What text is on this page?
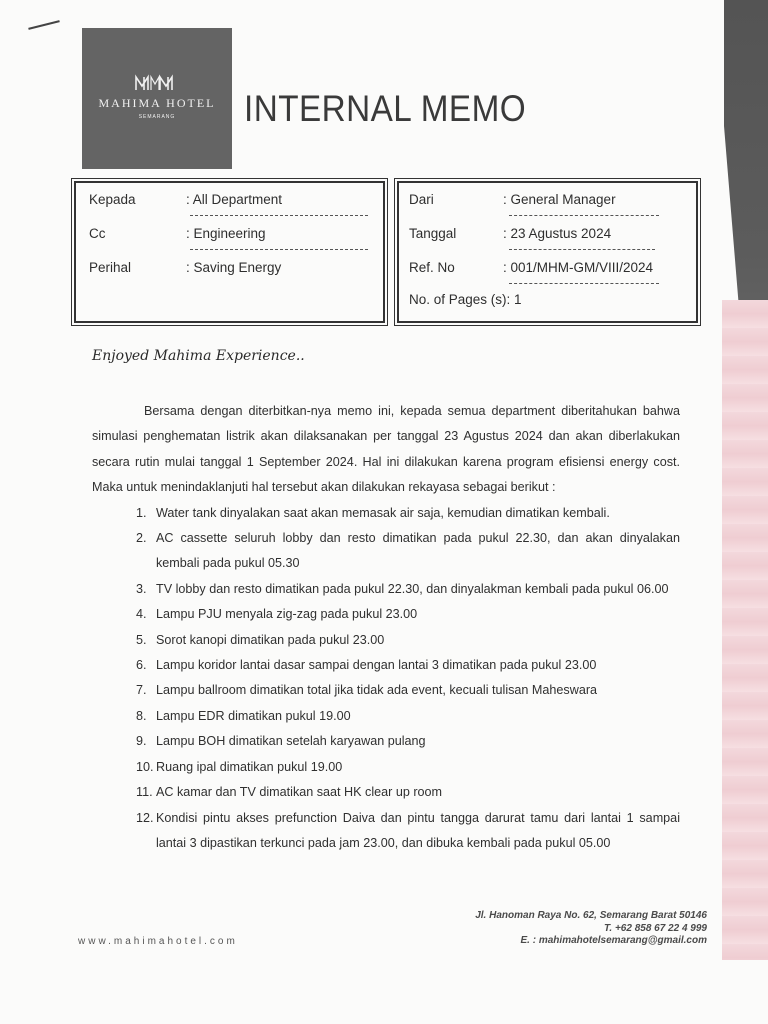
MAHIMA HOTEL
SEMARANG	INTERNAL MEMO
Kepada	: All Department
Cc	: Engineering
Perihal	: Saving Energy
Dari	: General Manager
Tanggal	: 23 Agustus 2024
Ref. No	: 001/MHM-GM/VIII/2024
No. of Pages (s): 1
Enjoyed Mahima Experience..

Bersama dengan diterbitkan-nya memo ini, kepada semua department diberitahukan bahwa simulasi penghematan listrik akan dilaksanakan per tanggal 23 Agustus 2024 dan akan diberlakukan secara rutin mulai tanggal 1 September 2024. Hal ini dilakukan karena program efisiensi energy cost. Maka untuk menindaklanjuti hal tersebut akan dilakukan rekayasa sebagai berikut :

1. Water tank dinyalakan saat akan memasak air saja, kemudian dimatikan kembali.
2. AC cassette seluruh lobby dan resto dimatikan pada pukul 22.30, dan akan dinyalakan kembali pada pukul 05.30
3. TV lobby dan resto dimatikan pada pukul 22.30, dan dinyalakman kembali pada pukul 06.00
4. Lampu PJU menyala zig-zag pada pukul 23.00
5. Sorot kanopi dimatikan pada pukul 23.00
6. Lampu koridor lantai dasar sampai dengan lantai 3 dimatikan pada pukul 23.00
7. Lampu ballroom dimatikan total jika tidak ada event, kecuali tulisan Maheswara
8. Lampu EDR dimatikan pukul 19.00
9. Lampu BOH dimatikan setelah karyawan pulang
10. Ruang ipal dimatikan pukul 19.00
11. AC kamar dan TV dimatikan saat HK clear up room
12. Kondisi pintu akses prefunction Daiva dan pintu tangga darurat tamu dari lantai 1 sampai lantai 3 dipastikan terkunci pada jam 23.00, dan dibuka kembali pada pukul 05.00
Jl. Hanoman Raya No. 62, Semarang Barat 50146
T. +62 858 67 22 4 999
E. : mahimahotelsemarang@gmail.com
www.mahimahotel.com
